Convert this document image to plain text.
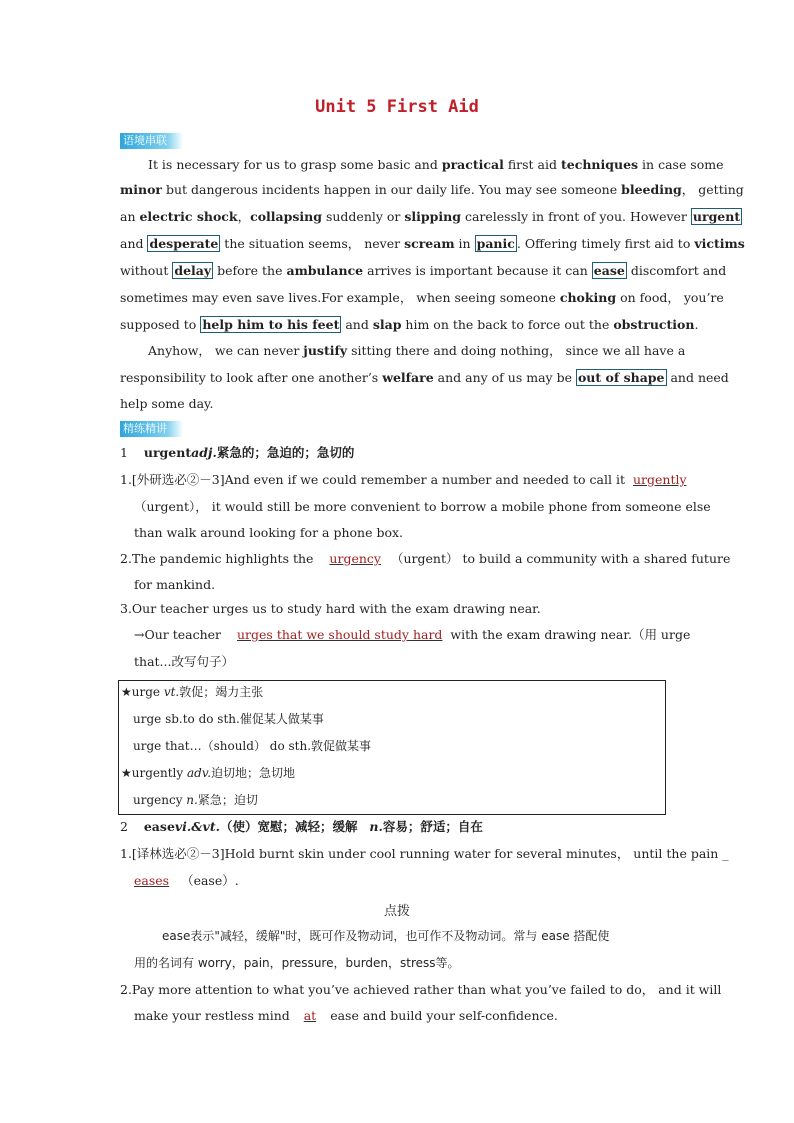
Unit 5 First Aid
语境串联
It is necessary for us to grasp some basic and practical first aid techniques in case some
minor but dangerous incidents happen in our daily life. You may see someone bleeding， getting
an electric shock，collapsing suddenly or slipping carelessly in front of you. However urgent
and desperate the situation seems， never scream in panic . Offering timely first aid to victims
without delay before the ambulance arrives is important because it can ease discomfort and
sometimes may even save lives.For example， when seeing someone choking on food， you’re
supposed to help him to his feet and slap him on the back to force out the obstruction.
Anyhow， we can never justify sitting there and doing nothing， since we all have a
responsibility to look after one another’s welfare and any of us may be out of shape and need
help some day.
精练精讲
1 urgentadj.紧急的；急迫的；急切的
1.[外研选必②－3]And even if we could remember a number and needed to call it urgently
（urgent）， it would still be more convenient to borrow a mobile phone from someone else
than walk around looking for a phone box.
2.The pandemic highlights the urgency （urgent） to build a community with a shared future
for mankind.
3.Our teacher urges us to study hard with the exam drawing near.
→Our teacher urges that we should study hard with the exam drawing near.（用 urge
that...改写句子）
★urge vt.敦促；竭力主张
urge sb.to do sth.催促某人做某事
urge that…（should） do sth.敦促做某事
★urgently adv.迫切地；急切地
urgency n.紧急；迫切
2 easevi.&vt.（使）宽慰；减轻；缓解 n.容易；舒适；自在
1.[译林选必②－3]Hold burnt skin under cool running water for several minutes， until the pain _
eases （ease）.
点拨
ease表示"减轻，缓解"时，既可作及物动词，也可作不及物动词。常与 ease 搭配使
用的名词有 worry，pain，pressure，burden，stress等。
2.Pay more attention to what you’ve achieved rather than what you’ve failed to do， and it will
make your restless mind at ease and build your self-confidence.
